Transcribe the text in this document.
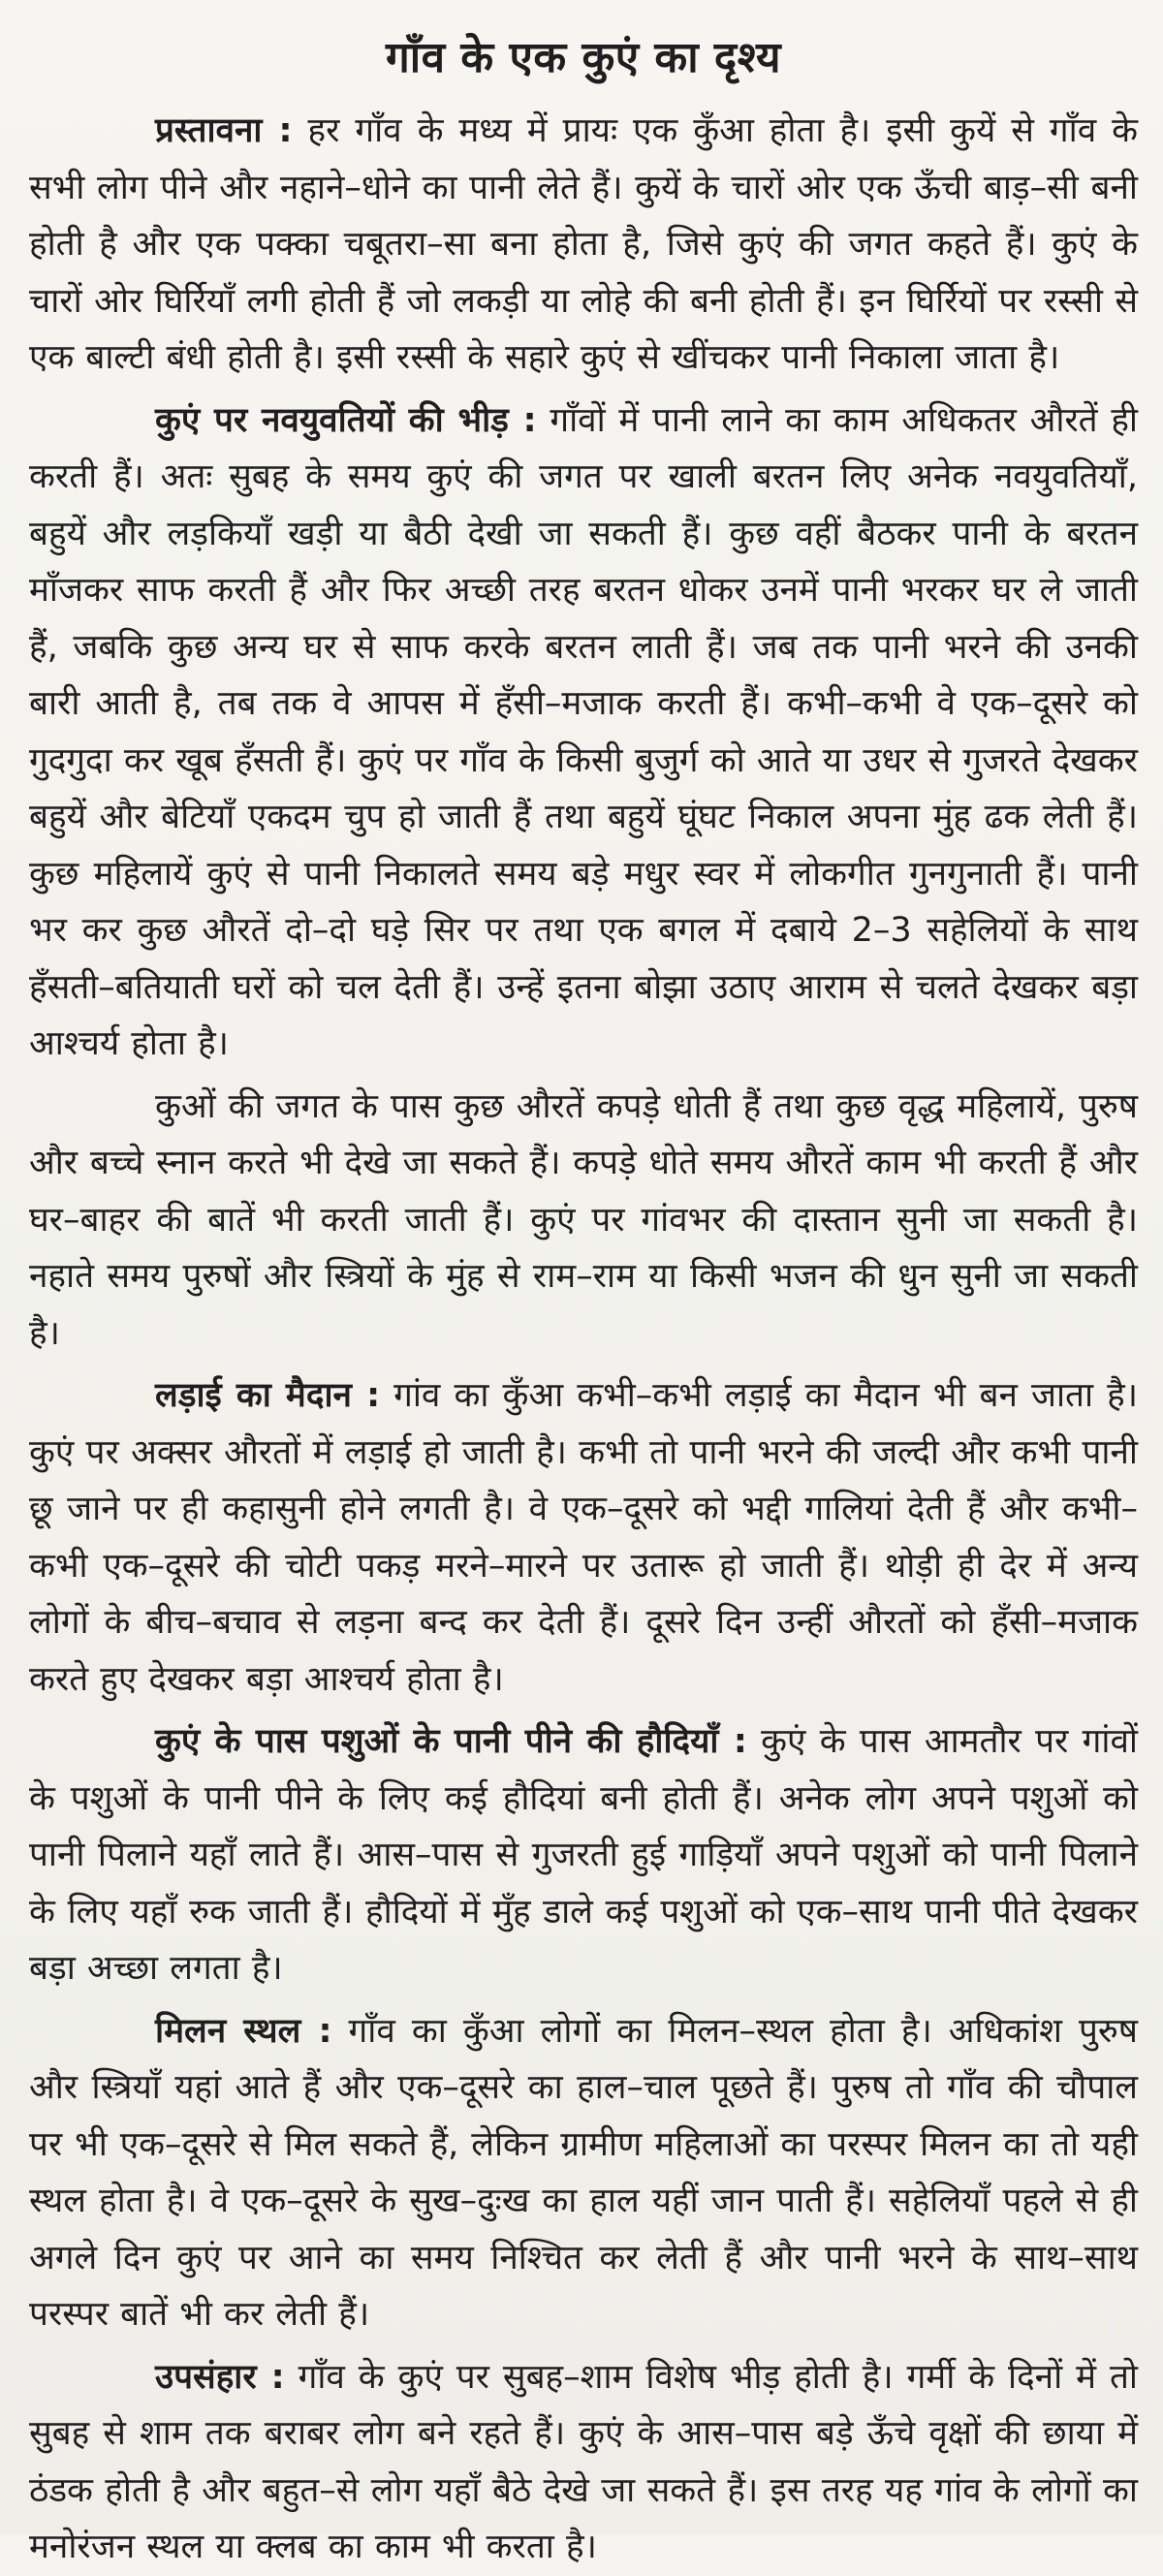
गाँव के एक कुएं का दृश्य

प्रस्तावना : हर गाँव के मध्य में प्रायः एक कुँआ होता है। इसी कुयें से गाँव के सभी लोग पीने और नहाने–धोने का पानी लेते हैं। कुयें के चारों ओर एक ऊँची बाड़–सी बनी होती है और एक पक्का चबूतरा–सा बना होता है, जिसे कुएं की जगत कहते हैं। कुएं के चारों ओर घिर्रियाँ लगी होती हैं जो लकड़ी या लोहे की बनी होती हैं। इन घिर्रियों पर रस्सी से एक बाल्टी बंधी होती है। इसी रस्सी के सहारे कुएं से खींचकर पानी निकाला जाता है।

कुएं पर नवयुवतियों की भीड़ : गाँवों में पानी लाने का काम अधिकतर औरतें ही करती हैं। अतः सुबह के समय कुएं की जगत पर खाली बरतन लिए अनेक नवयुवतियाँ, बहुयें और लड़कियाँ खड़ी या बैठी देखी जा सकती हैं। कुछ वहीं बैठकर पानी के बरतन माँजकर साफ करती हैं और फिर अच्छी तरह बरतन धोकर उनमें पानी भरकर घर ले जाती हैं, जबकि कुछ अन्य घर से साफ करके बरतन लाती हैं। जब तक पानी भरने की उनकी बारी आती है, तब तक वे आपस में हँसी–मजाक करती हैं। कभी–कभी वे एक–दूसरे को गुदगुदा कर खूब हँसती हैं। कुएं पर गाँव के किसी बुजुर्ग को आते या उधर से गुजरते देखकर बहुयें और बेटियाँ एकदम चुप हो जाती हैं तथा बहुयें घूंघट निकाल अपना मुंह ढक लेती हैं। कुछ महिलायें कुएं से पानी निकालते समय बड़े मधुर स्वर में लोकगीत गुनगुनाती हैं। पानी भर कर कुछ औरतें दो–दो घड़े सिर पर तथा एक बगल में दबाये 2–3 सहेलियों के साथ हँसती–बतियाती घरों को चल देती हैं। उन्हें इतना बोझा उठाए आराम से चलते देखकर बड़ा आश्चर्य होता है।

कुओं की जगत के पास कुछ औरतें कपड़े धोती हैं तथा कुछ वृद्ध महिलायें, पुरुष और बच्चे स्नान करते भी देखे जा सकते हैं। कपड़े धोते समय औरतें काम भी करती हैं और घर–बाहर की बातें भी करती जाती हैं। कुएं पर गांवभर की दास्तान सुनी जा सकती है। नहाते समय पुरुषों और स्त्रियों के मुंह से राम–राम या किसी भजन की धुन सुनी जा सकती है।

लड़ाई का मैदान : गांव का कुँआ कभी–कभी लड़ाई का मैदान भी बन जाता है। कुएं पर अक्सर औरतों में लड़ाई हो जाती है। कभी तो पानी भरने की जल्दी और कभी पानी छू जाने पर ही कहासुनी होने लगती है। वे एक–दूसरे को भद्दी गालियां देती हैं और कभी–कभी एक–दूसरे की चोटी पकड़ मरने–मारने पर उतारू हो जाती हैं। थोड़ी ही देर में अन्य लोगों के बीच–बचाव से लड़ना बन्द कर देती हैं। दूसरे दिन उन्हीं औरतों को हँसी–मजाक करते हुए देखकर बड़ा आश्चर्य होता है।

कुएं के पास पशुओं के पानी पीने की हौदियाँ : कुएं के पास आमतौर पर गांवों के पशुओं के पानी पीने के लिए कई हौदियां बनी होती हैं। अनेक लोग अपने पशुओं को पानी पिलाने यहाँ लाते हैं। आस–पास से गुजरती हुई गाड़ियाँ अपने पशुओं को पानी पिलाने के लिए यहाँ रुक जाती हैं। हौदियों में मुँह डाले कई पशुओं को एक–साथ पानी पीते देखकर बड़ा अच्छा लगता है।

मिलन स्थल : गाँव का कुँआ लोगों का मिलन–स्थल होता है। अधिकांश पुरुष और स्त्रियाँ यहां आते हैं और एक–दूसरे का हाल–चाल पूछते हैं। पुरुष तो गाँव की चौपाल पर भी एक–दूसरे से मिल सकते हैं, लेकिन ग्रामीण महिलाओं का परस्पर मिलन का तो यही स्थल होता है। वे एक–दूसरे के सुख–दुःख का हाल यहीं जान पाती हैं। सहेलियाँ पहले से ही अगले दिन कुएं पर आने का समय निश्चित कर लेती हैं और पानी भरने के साथ–साथ परस्पर बातें भी कर लेती हैं।

उपसंहार : गाँव के कुएं पर सुबह–शाम विशेष भीड़ होती है। गर्मी के दिनों में तो सुबह से शाम तक बराबर लोग बने रहते हैं। कुएं के आस–पास बड़े ऊँचे वृक्षों की छाया में ठंडक होती है और बहुत–से लोग यहाँ बैठे देखे जा सकते हैं। इस तरह यह गांव के लोगों का मनोरंजन स्थल या क्लब का काम भी करता है।
